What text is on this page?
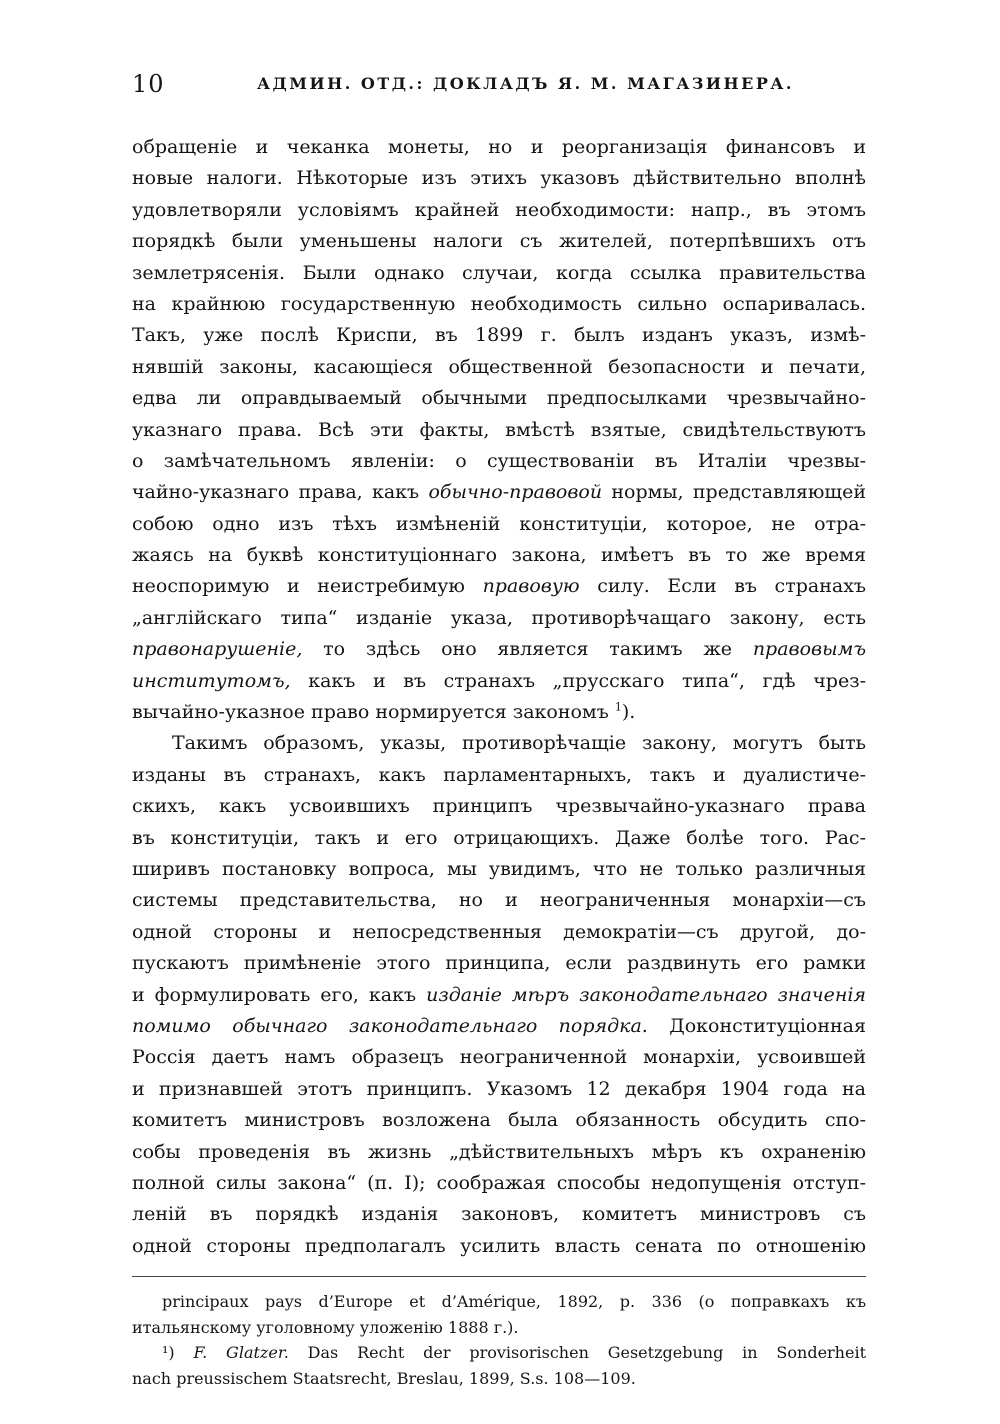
10	АДМИН. ОТД.: ДОКЛАДЪ Я. М. МАГАЗИНЕРА.
обращеніе и чеканка монеты, но и реорганизація финансовъ и
новые налоги. Нѣкоторые изъ этихъ указовъ дѣйствительно вполнѣ
удовлетворяли условіямъ крайней необходимости: напр., въ этомъ
порядкѣ были уменьшены налоги съ жителей, потерпѣвшихъ отъ
землетрясенія. Были однако случаи, когда ссылка правительства
на крайнюю государственную необходимость сильно оспаривалась.
Такъ, уже послѣ Криспи, въ 1899 г. былъ изданъ указъ, измѣ-
нявшій законы, касающіеся общественной безопасности и печати,
едва ли оправдываемый обычными предпосылками чрезвычайно-
указнаго права. Всѣ эти факты, вмѣстѣ взятые, свидѣтельствуютъ
о замѣчательномъ явленіи: о существованіи въ Италіи чрезвы-
чайно-указнаго права, какъ обычно-правовой нормы, представляющей
собою одно изъ тѣхъ измѣненій конституціи, которое, не отра-
жаясь на буквѣ конституціоннаго закона, имѣетъ въ то же время
неоспоримую и неистребимую правовую силу. Если въ странахъ
„англійскаго типа“ изданіе указа, противорѣчащаго закону, есть
правонарушеніе, то здѣсь оно является такимъ же правовымъ
институтомъ, какъ и въ странахъ „прусскаго типа“, гдѣ чрез-
вычайно-указное право нормируется закономъ $^1$).
Такимъ образомъ, указы, противорѣчащіе закону, могутъ быть
изданы въ странахъ, какъ парламентарныхъ, такъ и дуалистиче-
скихъ, какъ усвоившихъ принципъ чрезвычайно-указнаго права
въ конституціи, такъ и его отрицающихъ. Даже болѣе того. Рас-
ширивъ постановку вопроса, мы увидимъ, что не только различныя
системы представительства, но и неограниченныя монархіи—съ
одной стороны и непосредственныя демократіи—съ другой, до-
пускаютъ примѣненіе этого принципа, если раздвинуть его рамки
и формулировать его, какъ изданіе мѣръ законодательнаго значенія
помимо обычнаго законодательнаго порядка. Доконституціонная
Россія даетъ намъ образецъ неограниченной монархіи, усвоившей
и признавшей этотъ принципъ. Указомъ 12 декабря 1904 года на
комитетъ министровъ возложена была обязанность обсудить спо-
собы проведенія въ жизнь „дѣйствительныхъ мѣръ къ охраненію
полной силы закона“ (п. I); соображая способы недопущенія отступ-
леній въ порядкѣ изданія законовъ, комитетъ министровъ съ
одной стороны предполагалъ усилить власть сената по отношенію
principaux pays d’Europe et d’Amérique, 1892, p. 336 (о поправкахъ къ
итальянскому уголовному уложенію 1888 г.).
¹) F. Glatzer. Das Recht der provisorischen Gesetzgebung in Sonderheit
nach preussischem Staatsrecht, Breslau, 1899, S.s. 108—109.
